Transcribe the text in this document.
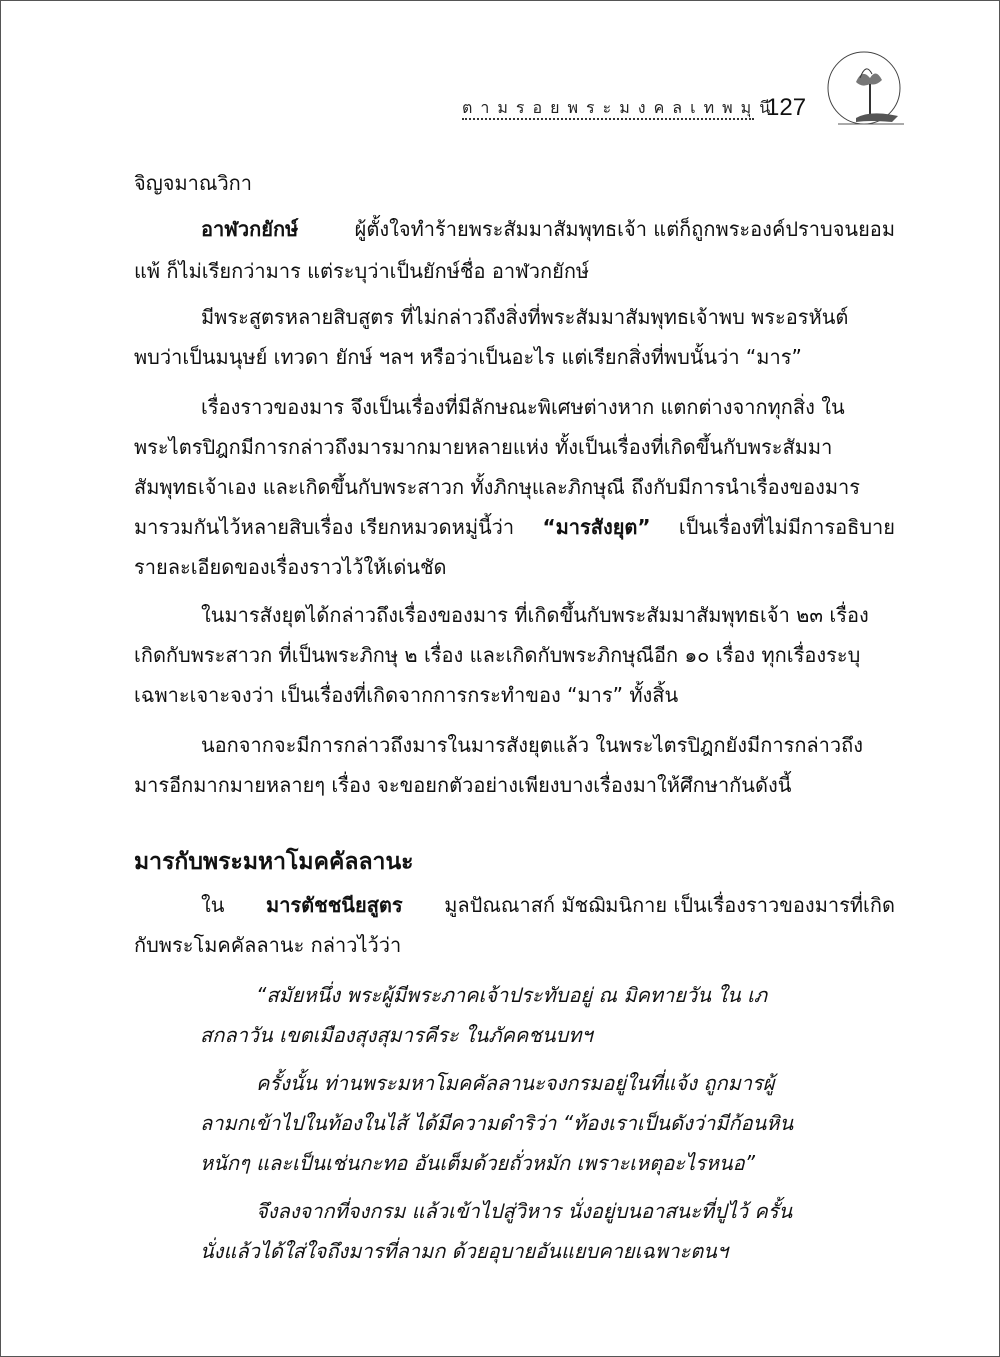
ตามรอยพระมงคลเทพมุนี
127
จิญจมาณวิกา
อาฬวกยักษ์	ผู้ตั้งใจทำร้ายพระสัมมาสัมพุทธเจ้า แต่ก็ถูกพระองค์ปราบจนยอม
แพ้ ก็ไม่เรียกว่ามาร แต่ระบุว่าเป็นยักษ์ชื่อ อาฬวกยักษ์
มีพระสูตรหลายสิบสูตร ที่ไม่กล่าวถึงสิ่งที่พระสัมมาสัมพุทธเจ้าพบ พระอรหันต์
พบว่าเป็นมนุษย์ เทวดา ยักษ์ ฯลฯ หรือว่าเป็นอะไร แต่เรียกสิ่งที่พบนั้นว่า “มาร”
เรื่องราวของมาร จึงเป็นเรื่องที่มีลักษณะพิเศษต่างหาก แตกต่างจากทุกสิ่ง ใน
พระไตรปิฎกมีการกล่าวถึงมารมากมายหลายแห่ง ทั้งเป็นเรื่องที่เกิดขึ้นกับพระสัมมา
สัมพุทธเจ้าเอง และเกิดขึ้นกับพระสาวก ทั้งภิกษุและภิกษุณี ถึงกับมีการนำเรื่องของมาร
มารวมกันไว้หลายสิบเรื่อง เรียกหมวดหมู่นี้ว่า “มารสังยุต” เป็นเรื่องที่ไม่มีการอธิบาย
รายละเอียดของเรื่องราวไว้ให้เด่นชัด
ในมารสังยุตได้กล่าวถึงเรื่องของมาร ที่เกิดขึ้นกับพระสัมมาสัมพุทธเจ้า ๒๓ เรื่อง
เกิดกับพระสาวก ที่เป็นพระภิกษุ ๒ เรื่อง และเกิดกับพระภิกษุณีอีก ๑๐ เรื่อง ทุกเรื่องระบุ
เฉพาะเจาะจงว่า เป็นเรื่องที่เกิดจากการกระทำของ “มาร” ทั้งสิ้น
นอกจากจะมีการกล่าวถึงมารในมารสังยุตแล้ว ในพระไตรปิฎกยังมีการกล่าวถึง
มารอีกมากมายหลายๆ เรื่อง จะขอยกตัวอย่างเพียงบางเรื่องมาให้ศึกษากันดังนี้
มารกับพระมหาโมคคัลลานะ
ใน มารตัชชนียสูตร มูลปัณณาสก์ มัชฌิมนิกาย เป็นเรื่องราวของมารที่เกิด
กับพระโมคคัลลานะ กล่าวไว้ว่า
“สมัยหนึ่ง พระผู้มีพระภาคเจ้าประทับอยู่ ณ มิคทายวัน ใน เภ
สกลาวัน เขตเมืองสุงสุมารคีระ ในภัคคชนบทฯ
ครั้งนั้น ท่านพระมหาโมคคัลลานะจงกรมอยู่ในที่แจ้ง ถูกมารผู้
ลามกเข้าไปในท้องในไส้ ได้มีความดำริว่า “ท้องเราเป็นดังว่ามีก้อนหิน
หนักๆ และเป็นเช่นกะทอ อันเต็มด้วยถั่วหมัก เพราะเหตุอะไรหนอ”
จึงลงจากที่จงกรม แล้วเข้าไปสู่วิหาร นั่งอยู่บนอาสนะที่ปูไว้ ครั้น
นั่งแล้วได้ใส่ใจถึงมารที่ลามก ด้วยอุบายอันแยบคายเฉพาะตนฯ
